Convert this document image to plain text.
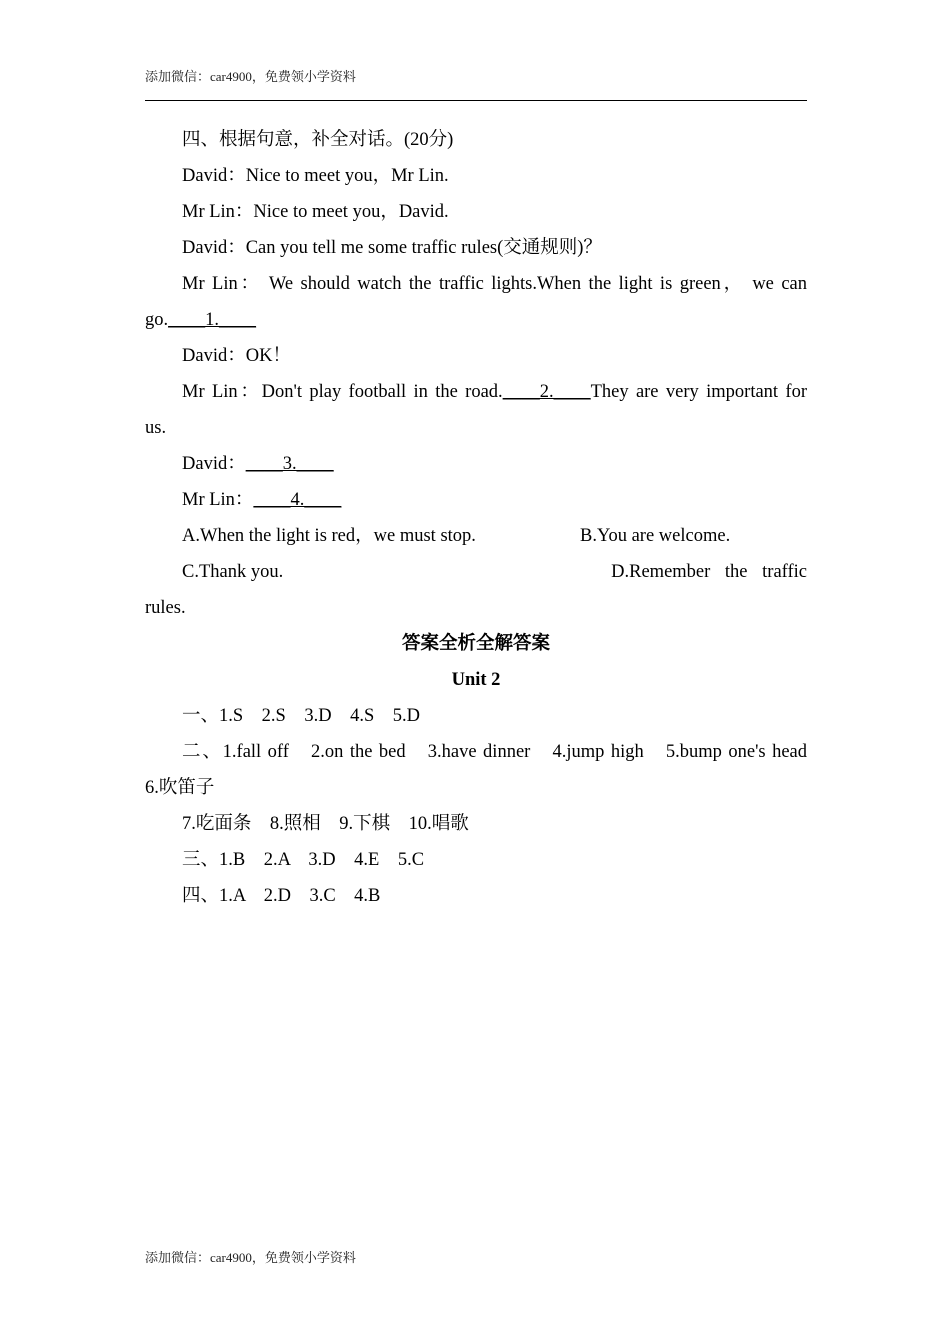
添加微信：car4900，免费领小学资料

四、根据句意，补全对话。(20分)

David：Nice to meet you，Mr Lin.

Mr Lin：Nice to meet you，David.

David：Can you tell me some traffic rules(交通规则)？

Mr Lin： We should watch the traffic lights.When the light is green， we can

go.____1.____

David：OK！

Mr Lin：Don't play football in the road.____2.____They are very important for

us.

David：____3.____

Mr Lin：____4.____

A.When the light is red，we must stop.	B.You are welcome.
C.Thank you.	D.Remember the traffic

rules.

答案全析全解答案

Unit 2

一、1.S　2.S　3.D　4.S　5.D

二、1.fall off　2.on the bed　3.have dinner　4.jump high　5.bump one's head

6.吹笛子

7.吃面条　8.照相　9.下棋　10.唱歌

三、1.B　2.A　3.D　4.E　5.C

四、1.A　2.D　3.C　4.B

添加微信：car4900，免费领小学资料
